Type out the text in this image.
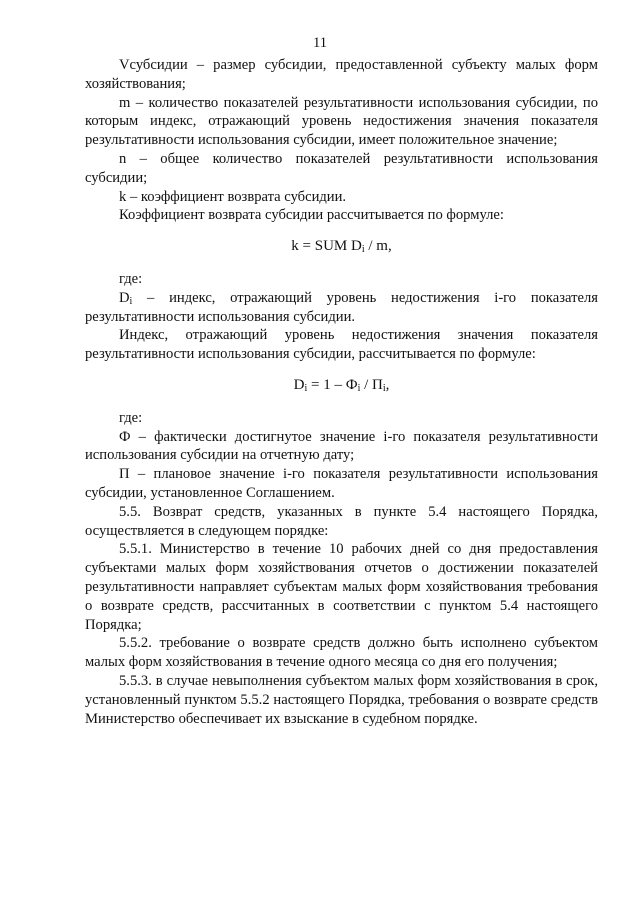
11

Vсубсидии – размер субсидии, предоставленной субъекту малых форм хозяйствования;

m – количество показателей результативности использования субсидии, по которым индекс, отражающий уровень недостижения значения показателя результативности использования субсидии, имеет положительное значение;

n – общее количество показателей результативности использования субсидии;

k – коэффициент возврата субсидии.

Коэффициент возврата субсидии рассчитывается по формуле:

k = SUM $D_i$ / m,

где:

$D_i$ – индекс, отражающий уровень недостижения i-го показателя результативности использования субсидии.

Индекс, отражающий уровень недостижения значения показателя результативности использования субсидии, рассчитывается по формуле:

$D_i = 1 - Ф_i / П_i$,

где:

Ф – фактически достигнутое значение i-го показателя результативности использования субсидии на отчетную дату;

П – плановое значение i-го показателя результативности использования субсидии, установленное Соглашением.

5.5. Возврат средств, указанных в пункте 5.4 настоящего Порядка, осуществляется в следующем порядке:

5.5.1. Министерство в течение 10 рабочих дней со дня предоставления субъектами малых форм хозяйствования отчетов о достижении показателей результативности направляет субъектам малых форм хозяйствования требования о возврате средств, рассчитанных в соответствии с пунктом 5.4 настоящего Порядка;

5.5.2. требование о возврате средств должно быть исполнено субъектом малых форм хозяйствования в течение одного месяца со дня его получения;

5.5.3. в случае невыполнения субъектом малых форм хозяйствования в срок, установленный пунктом 5.5.2 настоящего Порядка, требования о возврате средств Министерство обеспечивает их взыскание в судебном порядке.
